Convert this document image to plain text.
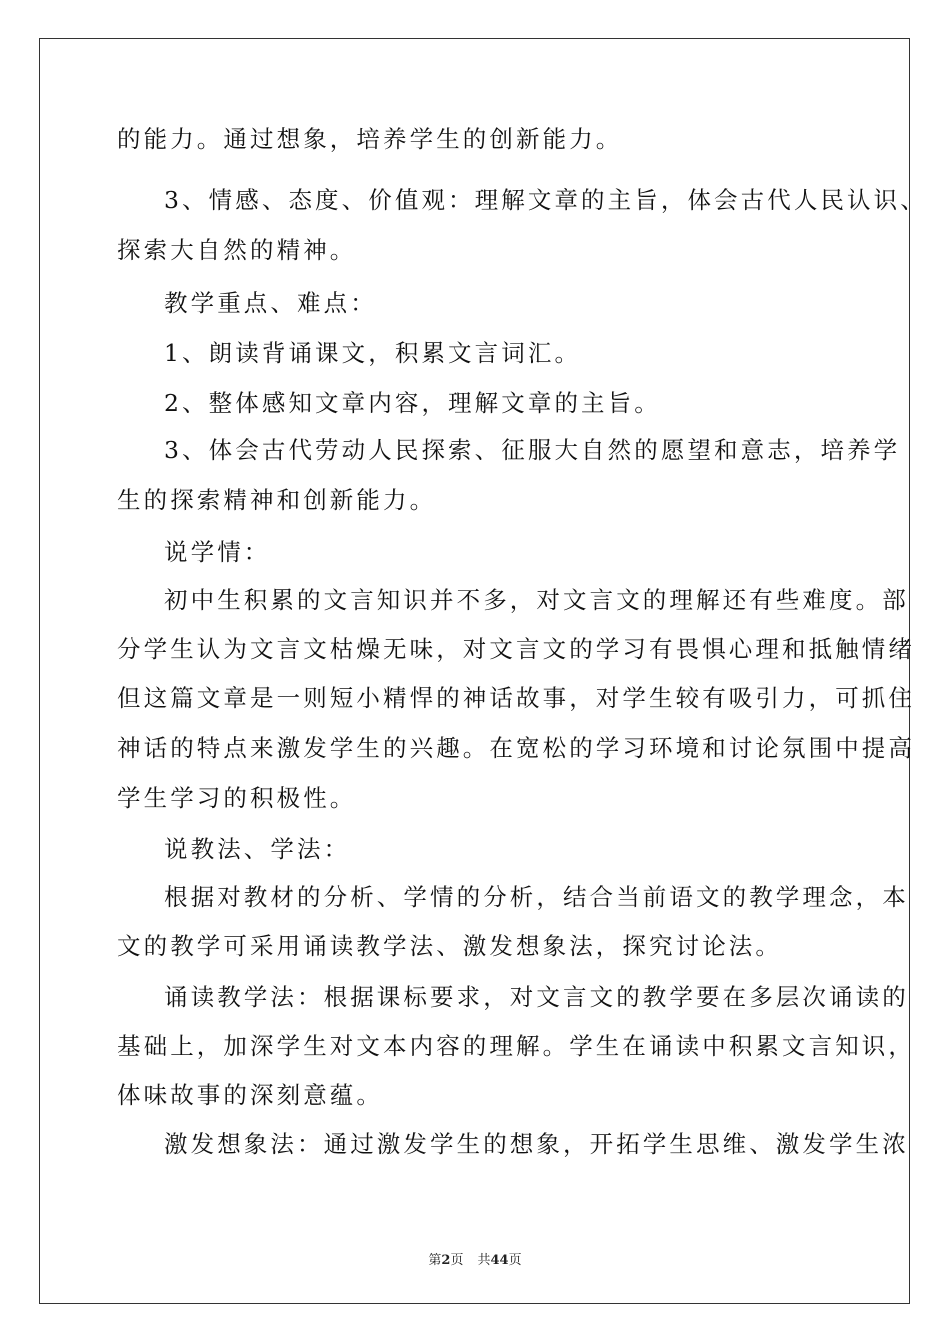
的能力。通过想象，培养学生的创新能力。
3、情感、态度、价值观：理解文章的主旨，体会古代人民认识、
探索大自然的精神。
教学重点、难点：
1、朗读背诵课文，积累文言词汇。
2、整体感知文章内容，理解文章的主旨。
3、体会古代劳动人民探索、征服大自然的愿望和意志，培养学
生的探索精神和创新能力。
说学情：
初中生积累的文言知识并不多，对文言文的理解还有些难度。部
分学生认为文言文枯燥无味，对文言文的学习有畏惧心理和抵触情绪
但这篇文章是一则短小精悍的神话故事，对学生较有吸引力，可抓住
神话的特点来激发学生的兴趣。在宽松的学习环境和讨论氛围中提高
学生学习的积极性。
说教法、学法：
根据对教材的分析、学情的分析，结合当前语文的教学理念，本
文的教学可采用诵读教学法、激发想象法，探究讨论法。
诵读教学法：根据课标要求，对文言文的教学要在多层次诵读的
基础上，加深学生对文本内容的理解。学生在诵读中积累文言知识，
体味故事的深刻意蕴。
激发想象法：通过激发学生的想象，开拓学生思维、激发学生浓
第2页 共44页
